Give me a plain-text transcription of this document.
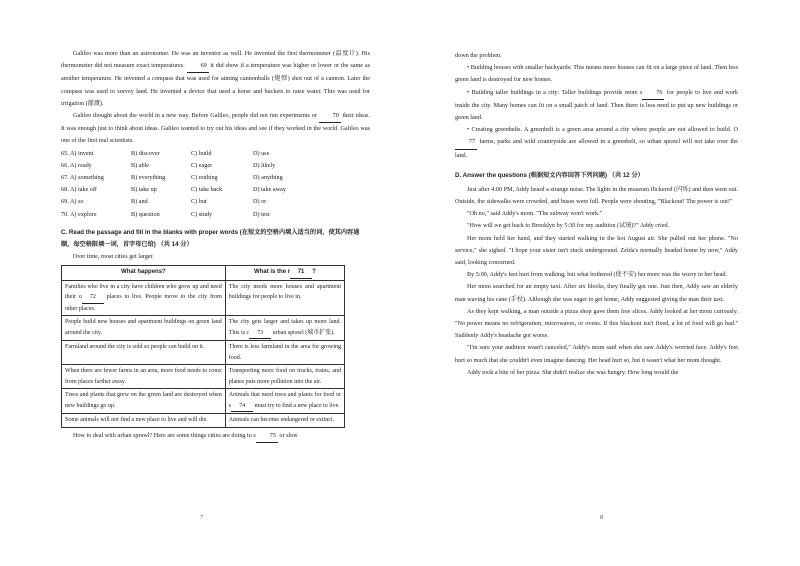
Galileo was more than an astronomer. He was an inventor as well. He invented the first thermometer (温度计). His thermometer did not measure exact temperatures.	69 it did show if a temperature was higher or lower or the same as another temperature. He invented a compass that was used for aiming cannonballs (炮弹) shot out of a cannon. Later the compass was used to survey land. He invented a device that used a horse and buckets to raise water. This was used for irrigation (灌溉).

Galileo thought about the world in a new way. Before Galileo, people did not run experiments or	70 their ideas. It was enough just to think about ideas. Galileo wanted to try out his ideas and see if they worked in the world. Galileo was one of the first real scientists.

65. A) invent	B) discover	C) build	D) use
66. A) ready	B) able	C) eager	D) likely
67. A) something	B) everything	C) nothing	D) anything
68. A) take off	B) take up	C) take back	D) take away
69. A) so	B) and	C) but	D) or
70. A) explore	B) question	C) study	D) test

C. Read the passage and fill in the blanks with proper words (在短文的空格内填入适当的词，使其内容通顺，每空格限填一词，首字母已给) （共 14 分）

Over time, most cities get larger.

What happens?	What is the r 71 ?
Families who live in a city have children who grow up and need their o 72 places to live. People move to the city from other places.	The city needs more houses and apartment buildings for people to live in.
People build new houses and apartment buildings on green land around the city.	The city gets larger and takes up more land. This is c 73 urban sprawl (城市扩张).
Farmland around the city is sold so people can build on it.	There is less farmland in the area for growing food.
When there are fewer farms in an area, more food needs to come from places farther away.	Transporting more food on trucks, trains, and planes puts more pollution into the air.
Trees and plants that grew on the green land are destroyed when new buildings go up.	Animals that need trees and plants for food or s 74 must try to find a new place to live.
Some animals will not find a new place to live and will die.	Animals can become endangered or extinct.

How to deal with urban sprawl? Here are some things cities are doing to s 75 or slow

7

down the problem.

• Building houses with smaller backyards: This means more houses can fit on a large piece of land. Then less green land is destroyed for new homes.

• Building taller buildings in a city: Taller buildings provide more s 76 for people to live and work inside the city. Many homes can fit on a small patch of land. Then there is less need to put up new buildings or green land.

• Creating greenbelts. A greenbelt is a green area around a city where people are not allowed to build. O77 farms, parks and wild countryside are allowed in a greenbelt, so urban sprawl will not take over the land.

D. Answer the questions (根据短文内容回答下列问题) （共 12 分）

Just after 4:00 PM, Addy heard a strange noise. The lights in the museum flickered (闪烁) and then went out. Outside, the sidewalks were crowded, and buses were full. People were shouting, "Blackout! The power is out!"

"Oh no," said Addy's mom. "The subway won't work."

"How will we get back to Brooklyn by 5:30 for my audition (试镜)?" Addy cried.

Her mom held her hand, and they started walking in the hot August air. She pulled out her phone. "No service," she sighed. "I hope your sister isn't stuck underground. Zelda's normally headed home by now," Addy said, looking concerned.

By 5:00, Addy's feet hurt from walking, but what bothered (使不安) her more was the worry in her head.

Her mom searched for an empty taxi. After six blocks, they finally got one. Just then, Addy saw an elderly man waving his cane (手杖). Although she was eager to get home, Addy suggested giving the man their taxi.

As they kept walking, a man outside a pizza shop gave them free slices. Addy looked at her mom curiously. "No power means no refrigeration, microwaves, or ovens. If this blackout isn't fixed, a lot of food will go bad." Suddenly Addy's headache got worse.

"I'm sure your audition wasn't canceled," Addy's mom said when she saw Addy's worried face. Addy's feet hurt so much that she couldn't even imagine dancing. Her head hurt so, but it wasn't what her mom thought.

Addy took a bite of her pizza. She didn't realize she was hungry. How long would the

8
